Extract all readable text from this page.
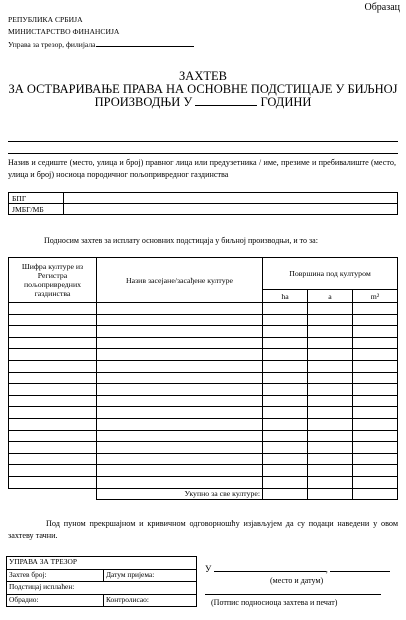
Образац
РЕПУБЛИКА СРБИЈА
МИНИСТАРСТВО ФИНАНСИЈА
Управа за трезор, филијала
ЗАХТЕВ
ЗА ОСТВАРИВАЊЕ ПРАВА НА ОСНОВНЕ ПОДСТИЦАЈЕ У БИЉНОЈ
ПРОИЗВОДЊИ У	ГОДИНИ
Назив и седиште (место, улица и број) правног лица или предузетника / име, презиме и пребивалиште (место, улица и број) носиоца породичног пољопривредног газдинства
БПГ	
ЈМБГ/МБ	
Подносим захтев за исплату основних подстицаја у биљној производњи, и то за:
Шифра културе из Регистра пољопривредних газдинства	Назив засејане/засађене културе	Површина под културом		
		ha	a	m²

	Укупно за све културе:			
Под пуном прекршајном и кривичном одговорношћу изјављујем да су подаци наведени у овом захтеву тачни.
УПРАВА ЗА ТРЕЗОР	
Захтев број:	Датум пријема:
Подстицај исплаћен:	
Обрадио:	Контролисао:
У	,
(место и датум)
(Потпис подносиоца захтева и печат)
